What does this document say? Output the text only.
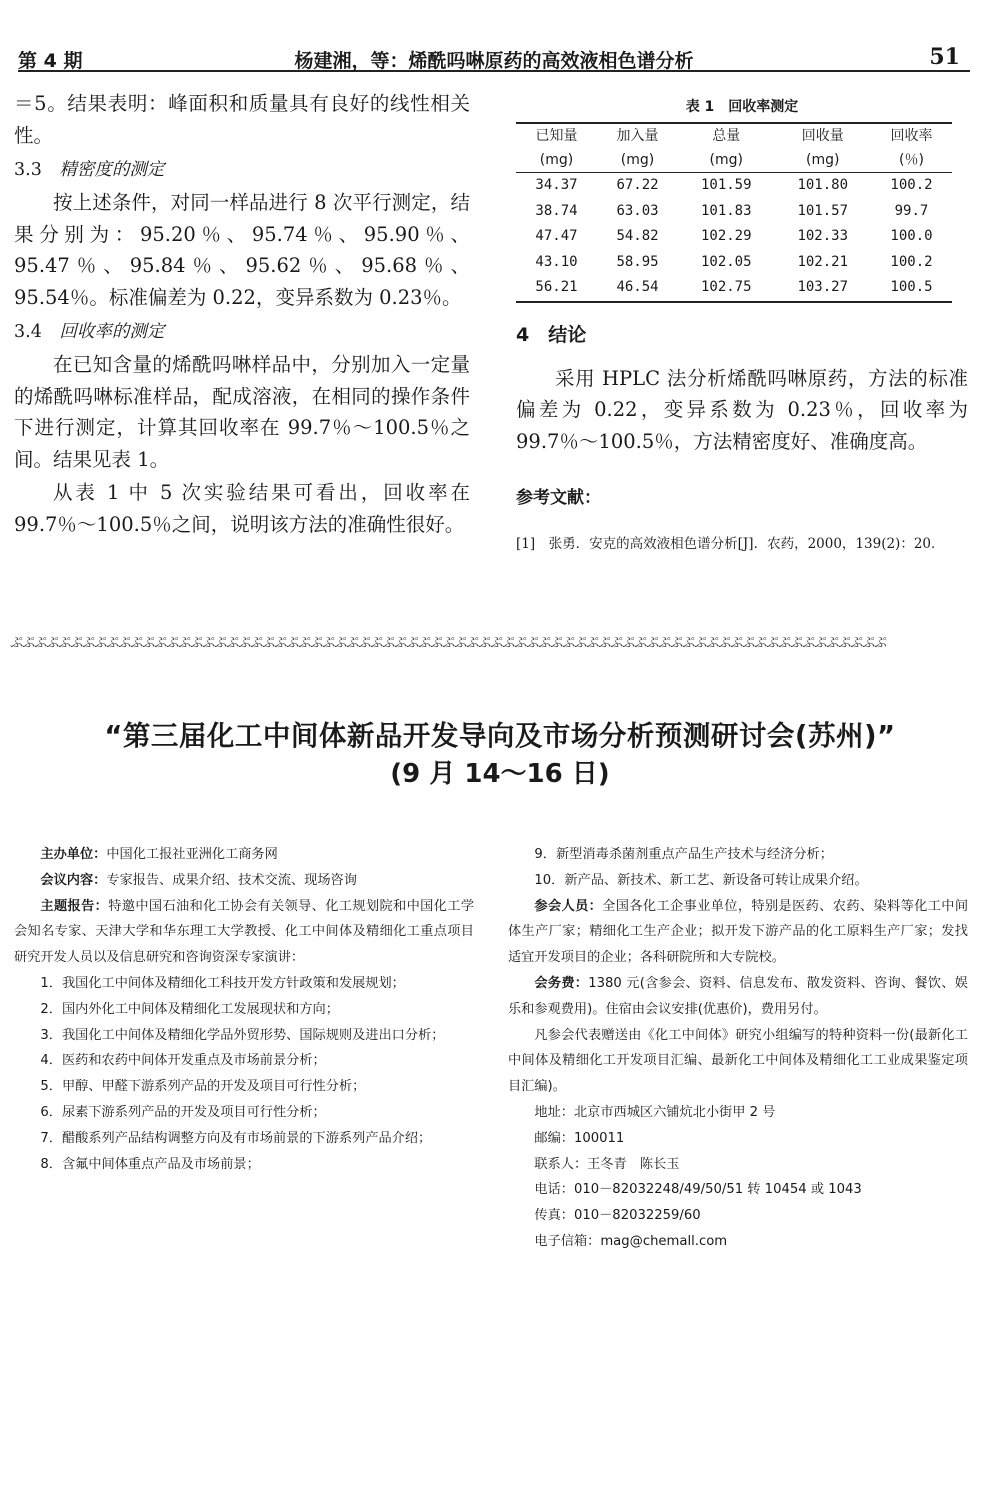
第 4 期	杨建湘，等：烯酰吗啉原药的高效液相色谱分析	51

＝5。结果表明：峰面积和质量具有良好的线性相关性。

3.3　 精密度的测定

按上述条件，对同一样品进行 8 次平行测定，结果分别为：95.20％、95.74％、95.90％、95.47％、95.84％、95.62％、95.68％、95.54％。标准偏差为 0.22，变异系数为 0.23％。

3.4　 回收率的测定

在已知含量的烯酰吗啉样品中，分别加入一定量的烯酰吗啉标准样品，配成溶液，在相同的操作条件下进行测定，计算其回收率在 99.7％～100.5％之间。结果见表 1。

从表 1 中 5 次实验结果可看出，回收率在 99.7％～100.5％之间，说明该方法的准确性很好。

表 1　回收率测定

已知量	加入量	总量	回收量	回收率
(mg)	(mg)	(mg)	(mg)	(％)
34.37	67.22	101.59	101.80	100.2
38.74	63.03	101.83	101.57	99.7
47.47	54.82	102.29	102.33	100.0
43.10	58.95	102.05	102.21	100.2
56.21	46.54	102.75	103.27	100.5

4　结论

采用 HPLC 法分析烯酰吗啉原药，方法的标准偏差为 0.22，变异系数为 0.23％，回收率为 99.7％～100.5％，方法精密度好、准确度高。

参考文献：

[1]　张勇．安克的高效液相色谱分析[J]．农药，2000，139(2)：20．

ぷぷぷぷぷぷぷぷぷぷぷぷぷぷぷぷぷぷぷぷぷぷぷぷぷぷぷぷぷぷぷぷぷぷぷぷぷぷぷぷぷぷぷぷぷぷぷぷぷぷぷぷぷぷぷぷぷぷぷぷぷぷぷぷぷぷぷぷぷぷぷぷぷ
“第三届化工中间体新品开发导向及市场分析预测研讨会(苏州)”
(9 月 14～16 日)

主办单位：中国化工报社亚洲化工商务网

会议内容：专家报告、成果介绍、技术交流、现场咨询

主题报告：特邀中国石油和化工协会有关领导、化工规划院和中国化工学会知名专家、天津大学和华东理工大学教授、化工中间体及精细化工重点项目研究开发人员以及信息研究和咨询资深专家演讲：

1．我国化工中间体及精细化工科技开发方针政策和发展规划；

2．国内外化工中间体及精细化工发展现状和方向；

3．我国化工中间体及精细化学品外贸形势、国际规则及进出口分析；

4．医药和农药中间体开发重点及市场前景分析；

5．甲醇、甲醛下游系列产品的开发及项目可行性分析；

6．尿素下游系列产品的开发及项目可行性分析；

7．醋酸系列产品结构调整方向及有市场前景的下游系列产品介绍；

8．含氟中间体重点产品及市场前景；

9．新型消毒杀菌剂重点产品生产技术与经济分析；

10．新产品、新技术、新工艺、新设备可转让成果介绍。

参会人员：全国各化工企事业单位，特别是医药、农药、染料等化工中间体生产厂家；精细化工生产企业；拟开发下游产品的化工原料生产厂家；发找适宜开发项目的企业；各科研院所和大专院校。

会务费：1380 元(含参会、资料、信息发布、散发资料、咨询、餐饮、娱乐和参观费用)。住宿由会议安排(优惠价)，费用另付。

凡参会代表赠送由《化工中间体》研究小组编写的特种资料一份(最新化工中间体及精细化工开发项目汇编、最新化工中间体及精细化工工业成果鉴定项目汇编)。

地址：北京市西城区六铺炕北小街甲 2 号

邮编：100011

联系人：王冬青　陈长玉

电话：010－82032248/49/50/51 转 10454 或 1043

传真：010－82032259/60

电子信箱：mag@chemall.com
